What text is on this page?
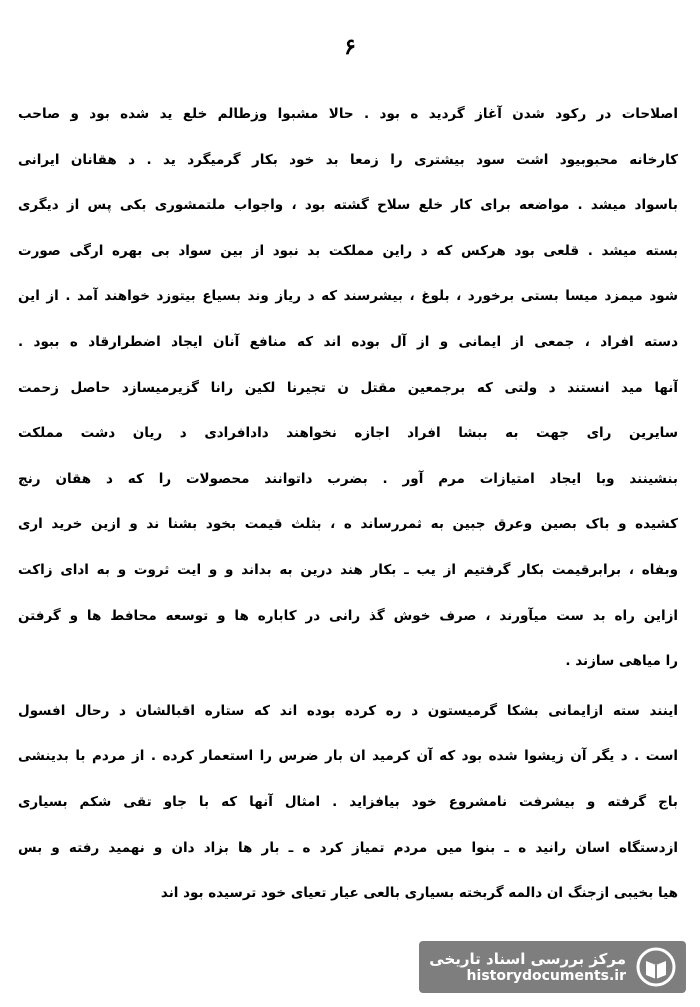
۶
اصلاحات در رکود شدن آغاز گردید ه بود . حالا مشبوا وزطالم خلع ید شده بود و صاحب
کارخانه محبوبیود اشت سود بیشتری را زمعا بد خود بکار گرمیگرد ید . د هقانان ایرانی
باسواد میشد . مواضعه برای کار خلع سلاح گشته بود ، واجواب ملتمشوری بکی پس از دیگری
بسته میشد . قلعی بود هرکس که د راین مملکت بد نبود از بین سواد بی بهره ارگی صورت
شود میمزد میسا بستی برخورد ، بلوغ ، بیشرسند که د ریاز وند بسیاع بیتوزد خواهند آمد . از این
دسته افراد ، جمعی از ایمانی و از آل بوده اند که منافع آنان ایجاد اضطرارقاد ه ببود .
آنها مید انستند د ولتی که برجمعین مقتل ن تجیرنا لکین رانا گزیرمیسازد حاصل زحمت
سایرین رای جهت به ببشا افراد اجازه نخواهند دادافرادی د ریان دشت مملکت
بنشینند وبا ایجاد امتیازات مرم آور . بضرب داتوانند محصولات را که د هقان رنج
کشیده و باک بصین وعرق جبین به ثمررساند ه ، بثلث قیمت بخود بشنا ند و ازین خرید اری
وبفاه ، برابرقیمت بکار گرفتیم از یب ـ بکار هند درین به بداند و و ایت ثروت و به ادای زاکت
ازاین راه بد ست میآورند ، صرف خوش گذ رانی در کاباره ها و توسعه محافط ها و گرفتن
را میاهی سازند .
اینند سته ازایمانی بشکا گرمیستون د ره کرده بوده اند که ستاره اقبالشان د رحال افسول
است . د یگر آن زیشوا شده بود که آن کرمید ان بار ضرس را استعمار کرده . از مردم با بدینشی
باج گرفته و بیشرفت نامشروع خود بیافزاید . امثال آنها که با جاو تقی شکم بسیاری
ازدستگاه اسان رانید ه ـ بنوا میں مردم تمیاز کرد ه ـ بار ها بزاد دان و نهمید رفته و بس
هیا بخیبی ازجنگ ان دالمه گربخته بسیاری بالعی عیار تعیای خود ترسیده بود اند
مرکز بررسی اسناد تاریخی
historydocuments.ir
